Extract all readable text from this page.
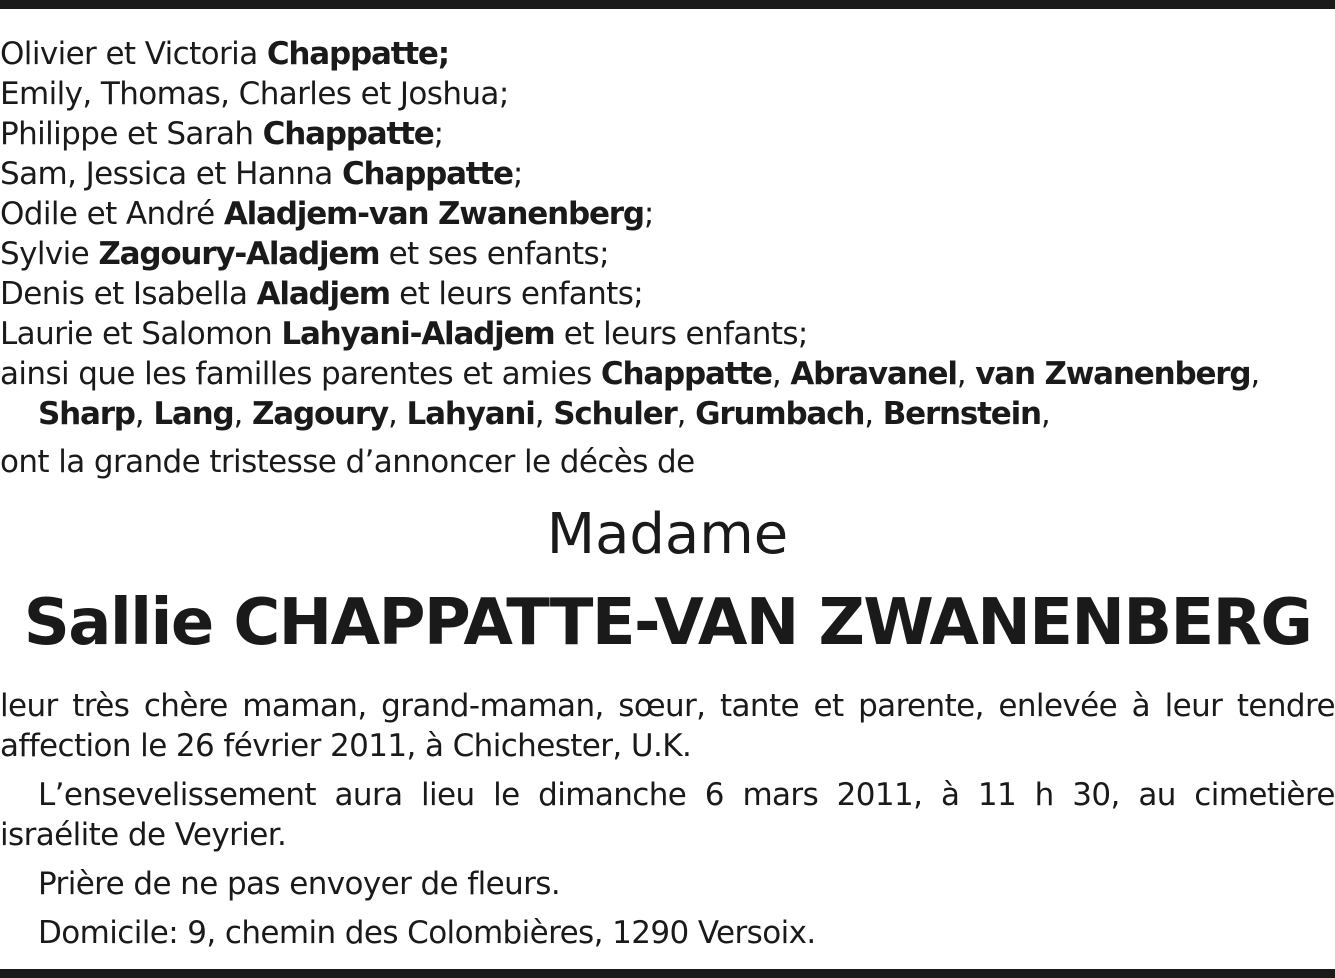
Olivier et Victoria Chappatte;
Emily, Thomas, Charles et Joshua;
Philippe et Sarah Chappatte;
Sam, Jessica et Hanna Chappatte;
Odile et André Aladjem-van Zwanenberg;
Sylvie Zagoury-Aladjem et ses enfants;
Denis et Isabella Aladjem et leurs enfants;
Laurie et Salomon Lahyani-Aladjem et leurs enfants;
ainsi que les familles parentes et amies Chappatte, Abravanel, van Zwanenberg,
Sharp, Lang, Zagoury, Lahyani, Schuler, Grumbach, Bernstein,
ont la grande tristesse d’annoncer le décès de
Madame
Sallie CHAPPATTE-VAN ZWANENBERG
leur très chère maman, grand-maman, sœur, tante et parente, enlevée à leur tendre
affection le 26 février 2011, à Chichester, U.K.
L’ensevelissement aura lieu le dimanche 6 mars 2011, à 11 h 30, au cimetière
israélite de Veyrier.
Prière de ne pas envoyer de fleurs.
Domicile: 9, chemin des Colombières, 1290 Versoix.
